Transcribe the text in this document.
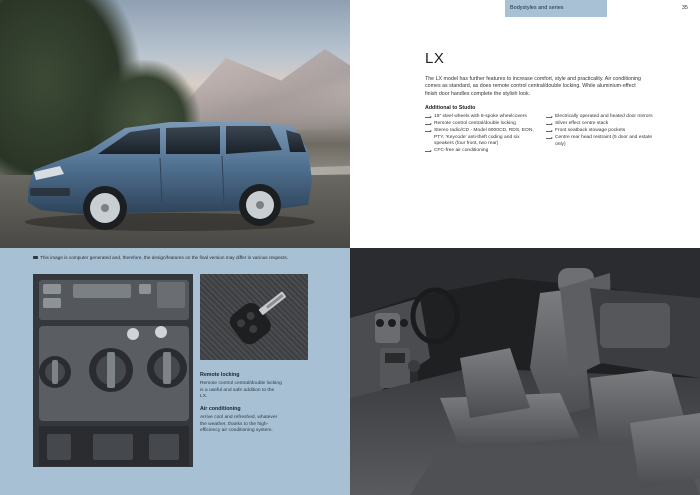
Bodystyles and series	35
LX

The LX model has further features to increase comfort, style and practicality. Air conditioning comes as standard, as does remote control central/double locking. While aluminium-effect finish door handles complete the stylish look.

Additional to Studio
15" steel wheels with 8-spoke wheelcovers
Remote control central/double locking
Stereo radio/CD - Model 6000CD, RDS, EON, PTY, 'Keycode' anti-theft coding and six speakers (four front, two rear)
CFC-free air conditioning
Electrically operated and heated door mirrors
Silver effect centre stack
Front seatback stowage pockets
Centre rear head restraint (5 door and estate only)
This image is computer generated and, therefore, the design/features on the final version may differ in various respects.
Remote locking
Remote control central/double locking is a useful and safe addition to the LX.
Air conditioning
Arrive cool and refreshed, whatever the weather, thanks to the high-efficiency air conditioning system.
